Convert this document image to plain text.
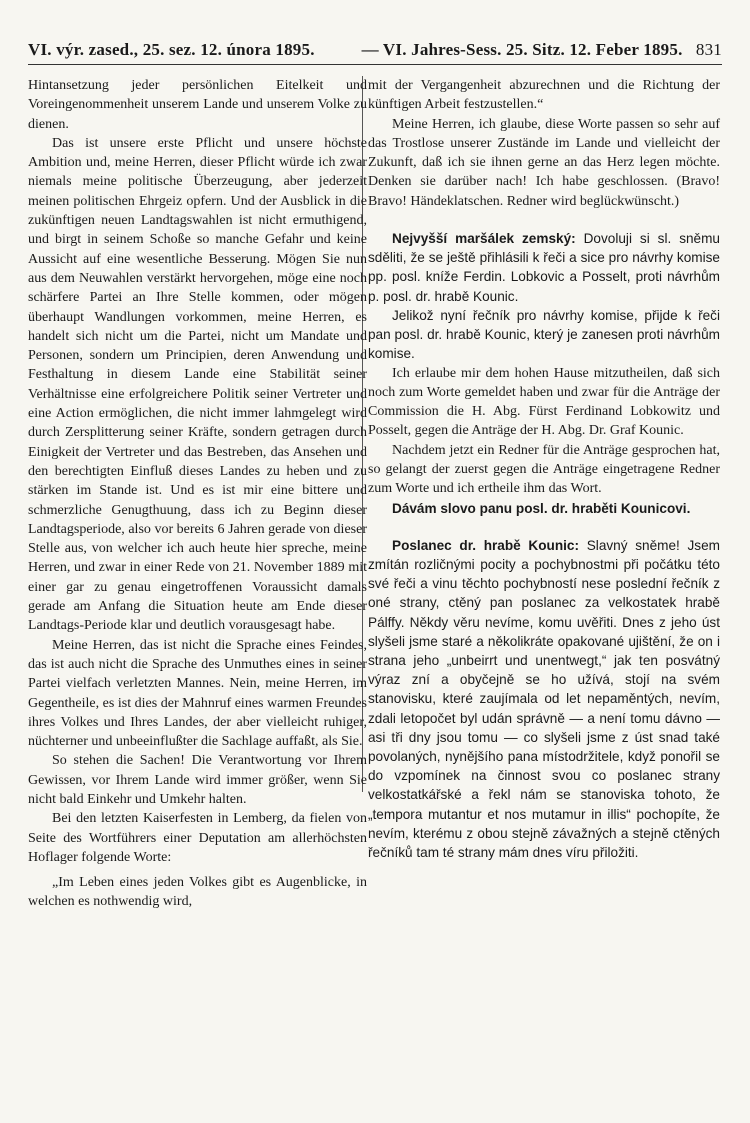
VI. výr. zased., 25. sez. 12. února 1895.	— VI. Jahres-Sess. 25. Sitz. 12. Feber 1895. 831

Hintansetzung jeder persönlichen Eitelkeit und Voreingenommenheit unserem Lande und unserem Volke zu dienen.

Das ist unsere erste Pflicht und unsere höchste Ambition und, meine Herren, dieser Pflicht würde ich zwar niemals meine politische Überzeugung, aber jederzeit meinen politischen Ehrgeiz opfern. Und der Ausblick in die zukünftigen neuen Landtagswahlen ist nicht ermuthigend, und birgt in seinem Schoße so manche Gefahr und keine Aussicht auf eine wesentliche Besserung. Mögen Sie nun aus dem Neuwahlen verstärkt hervorgehen, möge eine noch schärfere Partei an Ihre Stelle kommen, oder mögen überhaupt Wandlungen vorkommen, meine Herren, es handelt sich nicht um die Partei, nicht um Mandate und Personen, sondern um Principien, deren Anwendung und Festhaltung in diesem Lande eine Stabilität seiner Verhältnisse eine erfolgreichere Politik seiner Vertreter und eine Action ermöglichen, die nicht immer lahmgelegt wird durch Zersplitterung seiner Kräfte, sondern getragen durch Einigkeit der Vertreter und das Bestreben, das Ansehen und den berechtigten Einfluß dieses Landes zu heben und zu stärken im Stande ist. Und es ist mir eine bittere und schmerzliche Genugthuung, dass ich zu Beginn dieser Landtagsperiode, also vor bereits 6 Jahren gerade von dieser Stelle aus, von welcher ich auch heute hier spreche, meine Herren, und zwar in einer Rede von 21. November 1889 mit einer gar zu genau eingetroffenen Voraussicht damals gerade am Anfang die Situation heute am Ende dieser Landtags-Periode klar und deutlich vorausgesagt habe.

Meine Herren, das ist nicht die Sprache eines Feindes, das ist auch nicht die Sprache des Unmuthes eines in seiner Partei vielfach verletzten Mannes. Nein, meine Herren, im Gegentheile, es ist dies der Mahnruf eines warmen Freundes ihres Volkes und Ihres Landes, der aber vielleicht ruhiger, nüchterner und unbeeinflußter die Sachlage auffaßt, als Sie.

So stehen die Sachen! Die Verantwortung vor Ihrem Gewissen, vor Ihrem Lande wird immer größer, wenn Sie nicht bald Einkehr und Umkehr halten.

Bei den letzten Kaiserfesten in Lemberg, da fielen von Seite des Wortführers einer Deputation am allerhöchsten Hoflager folgende Worte:

„Im Leben eines jeden Volkes gibt es Augenblicke, in welchen es nothwendig wird,

mit der Vergangenheit abzurechnen und die Richtung der künftigen Arbeit festzustellen.“

Meine Herren, ich glaube, diese Worte passen so sehr auf das Trostlose unserer Zustände im Lande und vielleicht der Zukunft, daß ich sie ihnen gerne an das Herz legen möchte. Denken sie darüber nach! Ich habe geschlossen. (Bravo! Bravo! Händeklatschen. Redner wird beglückwünscht.)

Nejvyšší maršálek zemský: Dovoluji si sl. sněmu sděliti, že se ještě přihlásili k řeči a sice pro návrhy komise pp. posl. kníže Ferdin. Lobkovic a Posselt, proti návrhům p. posl. dr. hrabě Kounic.

Jelikož nyní řečník pro návrhy komise, přijde k řeči pan posl. dr. hrabě Kounic, který je zanesen proti návrhům komise.

Ich erlaube mir dem hohen Hause mitzutheilen, daß sich noch zum Worte gemeldet haben und zwar für die Anträge der Commission die H. Abg. Fürst Ferdinand Lobkowitz und Posselt, gegen die Anträge der H. Abg. Dr. Graf Kounic.

Nachdem jetzt ein Redner für die Anträge gesprochen hat, so gelangt der zuerst gegen die Anträge eingetragene Redner zum Worte und ich ertheile ihm das Wort.

Dávám slovo panu posl. dr. hraběti Kounicovi.

Poslanec dr. hrabě Kounic: Slavný sněme! Jsem zmítán rozličnými pocity a pochybnostmi při počátku této své řeči a vinu těchto pochybností nese poslední řečník z oné strany, ctěný pan poslanec za velkostatek hrabě Pálffy. Někdy věru nevíme, komu uvěřiti. Dnes z jeho úst slyšeli jsme staré a několikráte opakované ujištění, že on i strana jeho „unbeirrt und unentwegt,“ jak ten posvátný výraz zní a obyčejně se ho užívá, stojí na svém stanovisku, které zaujímala od let nepaměntých, nevím, zdali letopočet byl udán správně — a není tomu dávno — asi tři dny jsou tomu — co slyšeli jsme z úst snad také povolaných, nynějšího pana místodržitele, když ponořil se do vzpomínek na činnost svou co poslanec strany velkostatkářské a řekl nám se stanoviska tohoto, že „tempora mutantur et nos mutamur in illis“ pochopíte, že nevím, kterému z obou stejně závažných a stejně ctěných řečníků tam té strany mám dnes víru přiložiti.
